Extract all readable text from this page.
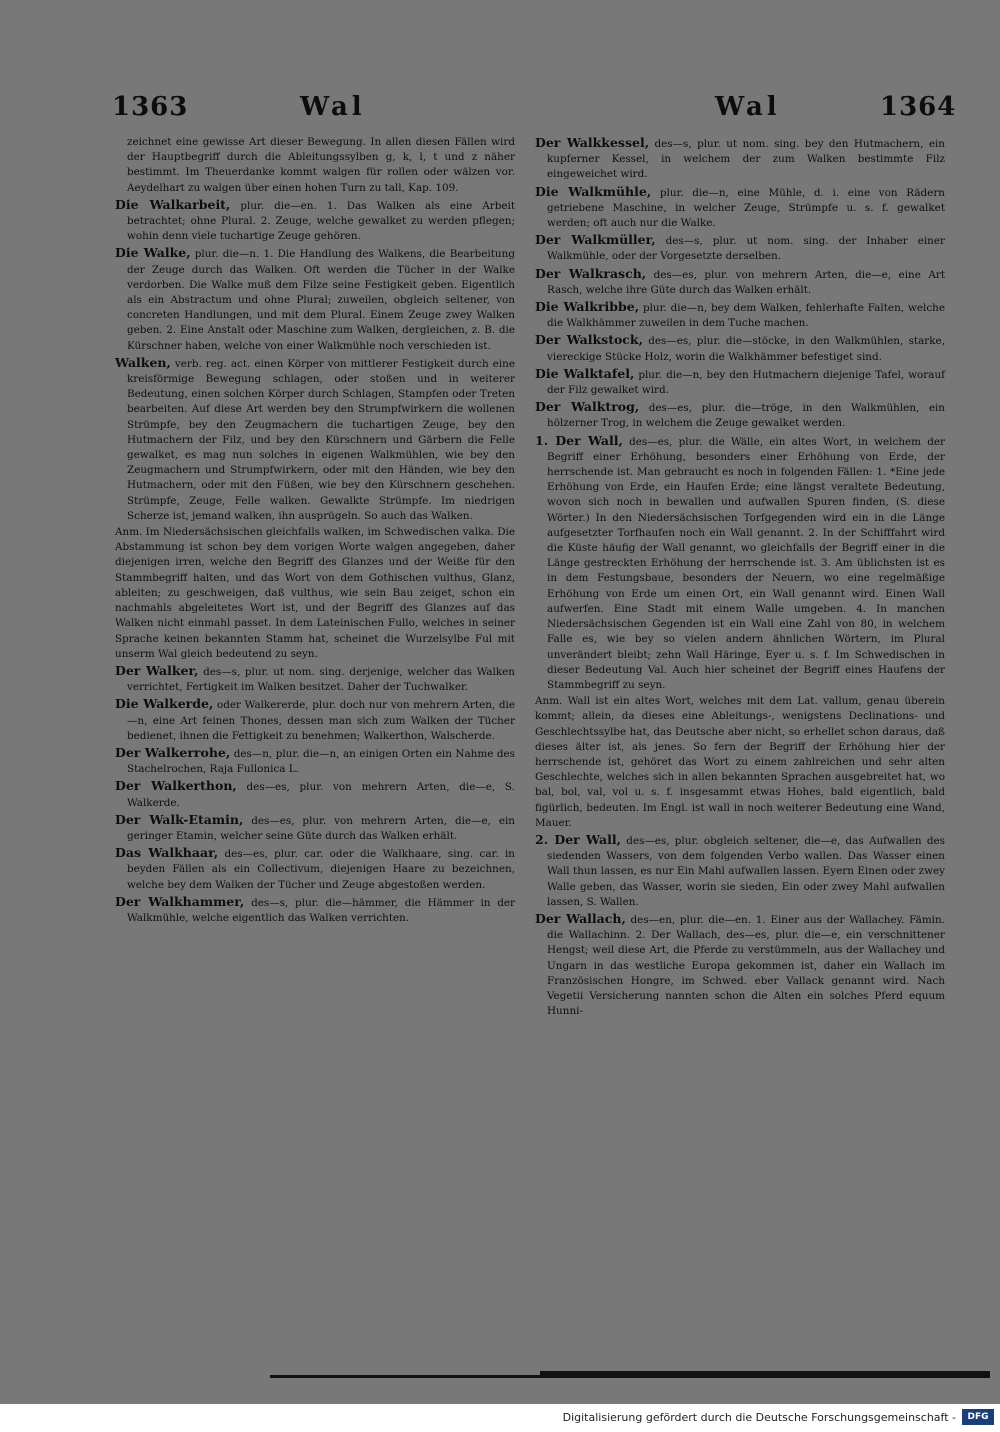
1363	Wal	Wal	1364

zeichnet eine gewisse Art dieser Bewegung. In allen diesen Fällen wird der Hauptbegriff durch die Ableitungssylben g, k, l, t und z näher bestimmt. Im Theuerdanke kommt walgen für rollen oder wälzen vor. Aeydelhart zu walgen über einen hohen Turn zu tall, Kap. 109.

Die Walkarbeit, plur. die—en. 1. Das Walken als eine Arbeit betrachtet; ohne Plural. 2. Zeuge, welche gewalket zu werden pflegen; wohin denn viele tuchartige Zeuge gehören.

Die Walke, plur. die—n. 1. Die Handlung des Walkens, die Bearbeitung der Zeuge durch das Walken. Oft werden die Tücher in der Walke verdorben. Die Walke muß dem Filze seine Festigkeit geben. Eigentlich als ein Abstractum und ohne Plural; zuweilen, obgleich seltener, von concreten Handlungen, und mit dem Plural. Einem Zeuge zwey Walken geben. 2. Eine Anstalt oder Maschine zum Walken, dergleichen, z. B. die Kürschner haben, welche von einer Walkmühle noch verschieden ist.

Walken, verb. reg. act. einen Körper von mittlerer Festigkeit durch eine kreisförmige Bewegung schlagen, oder stoßen und in weiterer Bedeutung, einen solchen Körper durch Schlagen, Stampfen oder Treten bearbeiten. Auf diese Art werden bey den Strumpfwirkern die wollenen Strümpfe, bey den Zeugmachern die tuchartigen Zeuge, bey den Hutmachern der Filz, und bey den Kürschnern und Gärbern die Felle gewalket, es mag nun solches in eigenen Walkmühlen, wie bey den Zeugmachern und Strumpfwirkern, oder mit den Händen, wie bey den Hutmachern, oder mit den Füßen, wie bey den Kürschnern geschehen. Strümpfe, Zeuge, Felle walken. Gewalkte Strümpfe. Im niedrigen Scherze ist, jemand walken, ihn ausprügeln. So auch das Walken.

Anm. Im Niedersächsischen gleichfalls walken, im Schwedischen valka. Die Abstammung ist schon bey dem vorigen Worte walgen angegeben, daher diejenigen irren, welche den Begriff des Glanzes und der Weiße für den Stammbegriff halten, und das Wort von dem Gothischen vulthus, Glanz, ableiten; zu geschweigen, daß vulthus, wie sein Bau zeiget, schon ein nachmahls abgeleitetes Wort ist, und der Begriff des Glanzes auf das Walken nicht einmahl passet. In dem Lateinischen Fullo, welches in seiner Sprache keinen bekannten Stamm hat, scheinet die Wurzelsylbe Ful mit unserm Wal gleich bedeutend zu seyn.

Der Walker, des—s, plur. ut nom. sing. derjenige, welcher das Walken verrichtet, Fertigkeit im Walken besitzet. Daher der Tuchwalker.

Die Walkerde, oder Walkererde, plur. doch nur von mehrern Arten, die—n, eine Art feinen Thones, dessen man sich zum Walken der Tücher bedienet, ihnen die Fettigkeit zu benehmen; Walkerthon, Walscherde.

Der Walkerrohe, des—n, plur. die—n, an einigen Orten ein Nahme des Stachelrochen, Raja Fullonica L.

Der Walkerthon, des—es, plur. von mehrern Arten, die—e, S. Walkerde.

Der Walk-Etamin, des—es, plur. von mehrern Arten, die—e, ein geringer Etamin, welcher seine Güte durch das Walken erhält.

Das Walkhaar, des—es, plur. car. oder die Walkhaare, sing. car. in beyden Fällen als ein Collectivum, diejenigen Haare zu bezeichnen, welche bey dem Walken der Tücher und Zeuge abgestoßen werden.

Der Walkhammer, des—s, plur. die—hämmer, die Hämmer in der Walkmühle, welche eigentlich das Walken verrichten.

Der Walkkessel, des—s, plur. ut nom. sing. bey den Hutmachern, ein kupferner Kessel, in welchem der zum Walken bestimmte Filz eingeweichet wird.

Die Walkmühle, plur. die—n, eine Mühle, d. i. eine von Rädern getriebene Maschine, in welcher Zeuge, Strümpfe u. s. f. gewalket werden; oft auch nur die Walke.

Der Walkmüller, des—s, plur. ut nom. sing. der Inhaber einer Walkmühle, oder der Vorgesetzte derselben.

Der Walkrasch, des—es, plur. von mehrern Arten, die—e, eine Art Rasch, welche ihre Güte durch das Walken erhält.

Die Walkribbe, plur. die—n, bey dem Walken, fehlerhafte Falten, welche die Walkhämmer zuweilen in dem Tuche machen.

Der Walkstock, des—es, plur. die—stöcke, in den Walkmühlen, starke, viereckige Stücke Holz, worin die Walkhämmer befestiget sind.

Die Walktafel, plur. die—n, bey den Hutmachern diejenige Tafel, worauf der Filz gewalket wird.

Der Walktrog, des—es, plur. die—tröge, in den Walkmühlen, ein hölzerner Trog, in welchem die Zeuge gewalket werden.

1. Der Wall, des—es, plur. die Wälle, ein altes Wort, in welchem der Begriff einer Erhöhung, besonders einer Erhöhung von Erde, der herrschende ist. Man gebraucht es noch in folgenden Fällen: 1. *Eine jede Erhöhung von Erde, ein Haufen Erde; eine längst veraltete Bedeutung, wovon sich noch in bewallen und aufwallen Spuren finden, (S. diese Wörter.) In den Niedersächsischen Torfgegenden wird ein in die Länge aufgesetzter Torfhaufen noch ein Wall genannt. 2. In der Schifffahrt wird die Küste häufig der Wall genannt, wo gleichfalls der Begriff einer in die Länge gestreckten Erhöhung der herrschende ist. 3. Am üblichsten ist es in dem Festungsbaue, besonders der Neuern, wo eine regelmäßige Erhöhung von Erde um einen Ort, ein Wall genannt wird. Einen Wall aufwerfen. Eine Stadt mit einem Walle umgeben. 4. In manchen Niedersächsischen Gegenden ist ein Wall eine Zahl von 80, in welchem Falle es, wie bey so vielen andern ähnlichen Wörtern, im Plural unverändert bleibt; zehn Wall Häringe, Eyer u. s. f. Im Schwedischen in dieser Bedeutung Val. Auch hier scheinet der Begriff eines Haufens der Stammbegriff zu seyn.

Anm. Wall ist ein altes Wort, welches mit dem Lat. vallum, genau überein kommt; allein, da dieses eine Ableitungs-, wenigstens Declinations- und Geschlechtssylbe hat, das Deutsche aber nicht, so erhellet schon daraus, daß dieses älter ist, als jenes. So fern der Begriff der Erhöhung hier der herrschende ist, gehöret das Wort zu einem zahlreichen und sehr alten Geschlechte, welches sich in allen bekannten Sprachen ausgebreitet hat, wo bal, bol, val, vol u. s. f. insgesammt etwas Hohes, bald eigentlich, bald figürlich, bedeuten. Im Engl. ist wall in noch weiterer Bedeutung eine Wand, Mauer.

2. Der Wall, des—es, plur. obgleich seltener, die—e, das Aufwallen des siedenden Wassers, von dem folgenden Verbo wallen. Das Wasser einen Wall thun lassen, es nur Ein Mahl aufwallen lassen. Eyern Einen oder zwey Walle geben, das Wasser, worin sie sieden, Ein oder zwey Mahl aufwallen lassen, S. Wallen.

Der Wallach, des—en, plur. die—en. 1. Einer aus der Wallachey. Fämin. die Wallachinn. 2. Der Wallach, des—es, plur. die—e, ein verschnittener Hengst; weil diese Art, die Pferde zu verstümmeln, aus der Wallachey und Ungarn in das westliche Europa gekommen ist, daher ein Wallach im Französischen Hongre, im Schwed. eber Vallack genannt wird. Nach Vegetii Versicherung nannten schon die Alten ein solches Pferd equum Hunni-

Digitalisierung gefördert durch die Deutsche Forschungsgemeinschaft -	DFG
